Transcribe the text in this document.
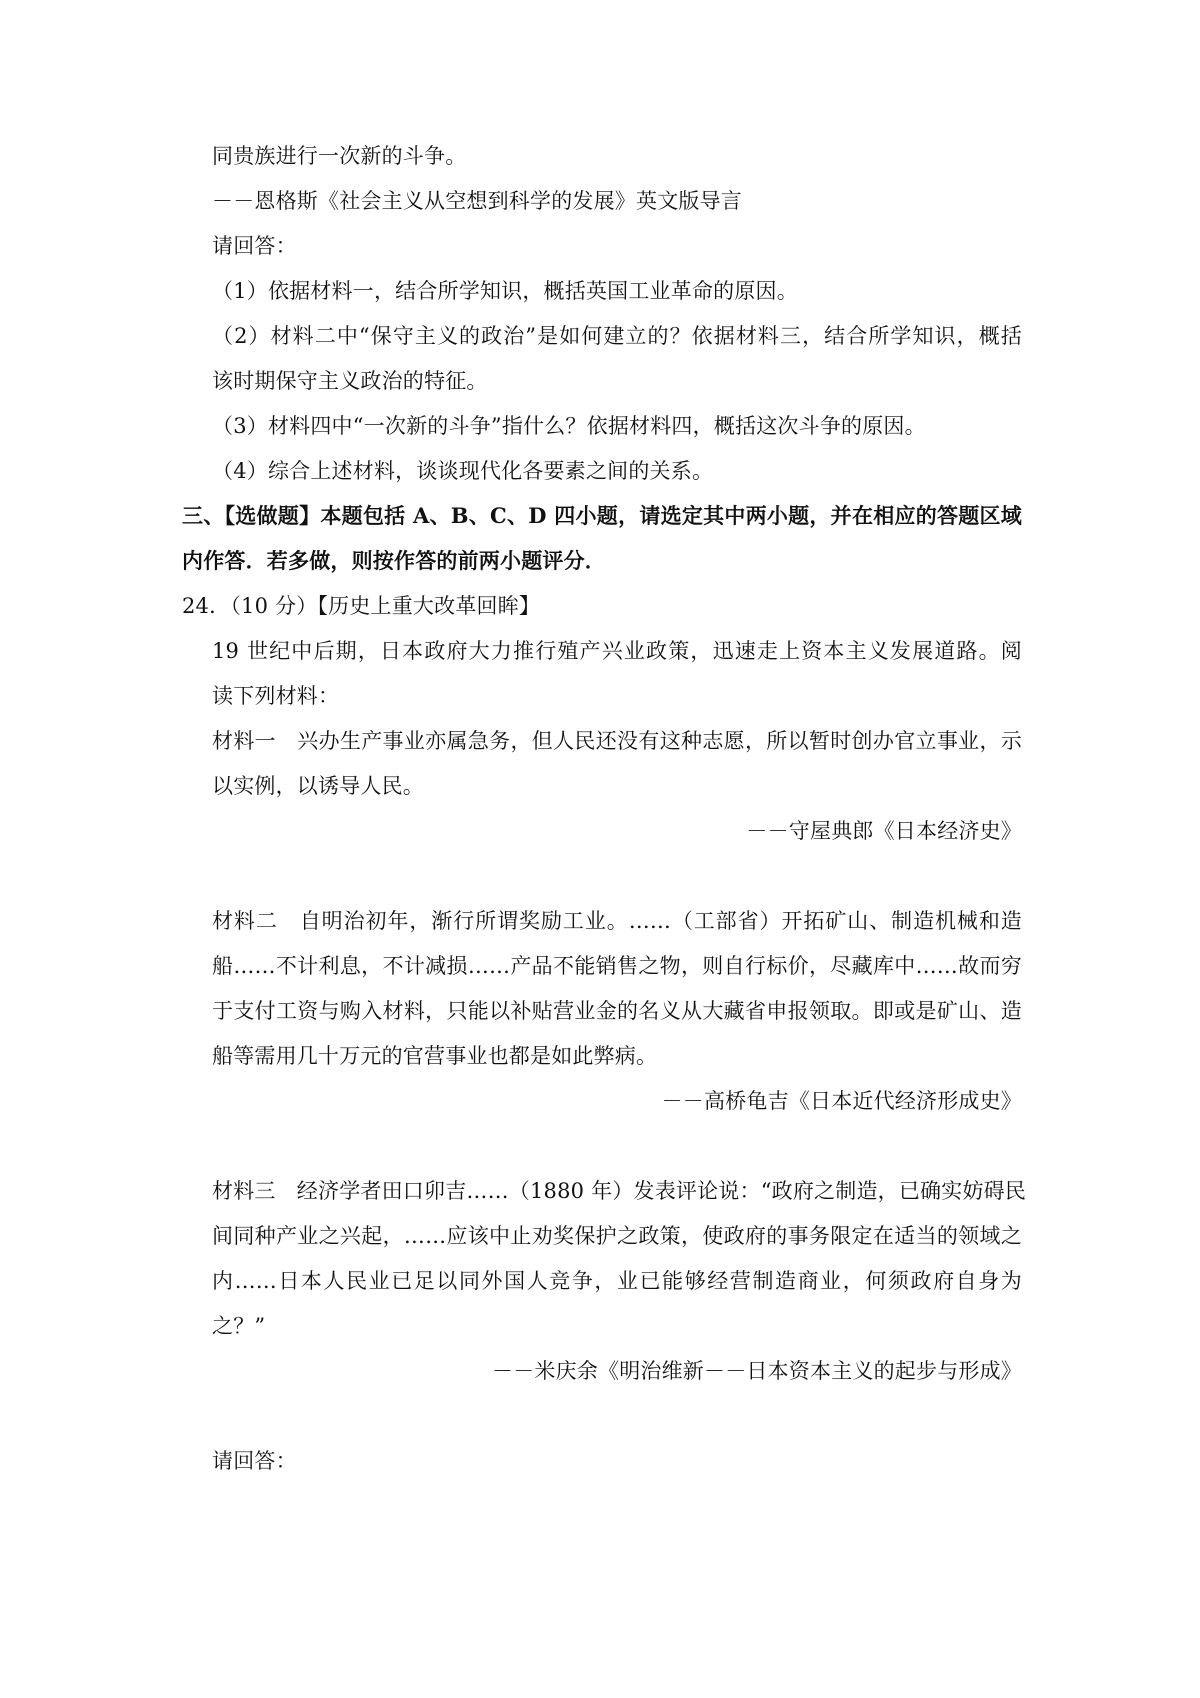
同贵族进行一次新的斗争。
－－恩格斯《社会主义从空想到科学的发展》英文版导言
请回答：
（1）依据材料一，结合所学知识，概括英国工业革命的原因。
（2）材料二中“保守主义的政治”是如何建立的？依据材料三，结合所学知识，概括
该时期保守主义政治的特征。
（3）材料四中“一次新的斗争”指什么？依据材料四，概括这次斗争的原因。
（4）综合上述材料，谈谈现代化各要素之间的关系。
三、【选做题】本题包括 A、B、C、D 四小题，请选定其中两小题，并在相应的答题区域
内作答．若多做，则按作答的前两小题评分．
24．（10 分）【历史上重大改革回眸】
19 世纪中后期，日本政府大力推行殖产兴业政策，迅速走上资本主义发展道路。阅
读下列材料：
材料一　兴办生产事业亦属急务，但人民还没有这种志愿，所以暂时创办官立事业，示
以实例，以诱导人民。
－－守屋典郎《日本经济史》
材料二　自明治初年，渐行所谓奖励工业。……（工部省）开拓矿山、制造机械和造
船……不计利息，不计减损……产品不能销售之物，则自行标价，尽藏库中……故而穷
于支付工资与购入材料，只能以补贴营业金的名义从大藏省申报领取。即或是矿山、造
船等需用几十万元的官营事业也都是如此弊病。
－－高桥龟吉《日本近代经济形成史》
材料三　经济学者田口卯吉……（1880 年）发表评论说：“政府之制造，已确实妨碍民
间同种产业之兴起，……应该中止劝奖保护之政策，使政府的事务限定在适当的领域之
内……日本人民业已足以同外国人竞争，业已能够经营制造商业，何须政府自身为
之？”
－－米庆余《明治维新－－日本资本主义的起步与形成》
请回答：
